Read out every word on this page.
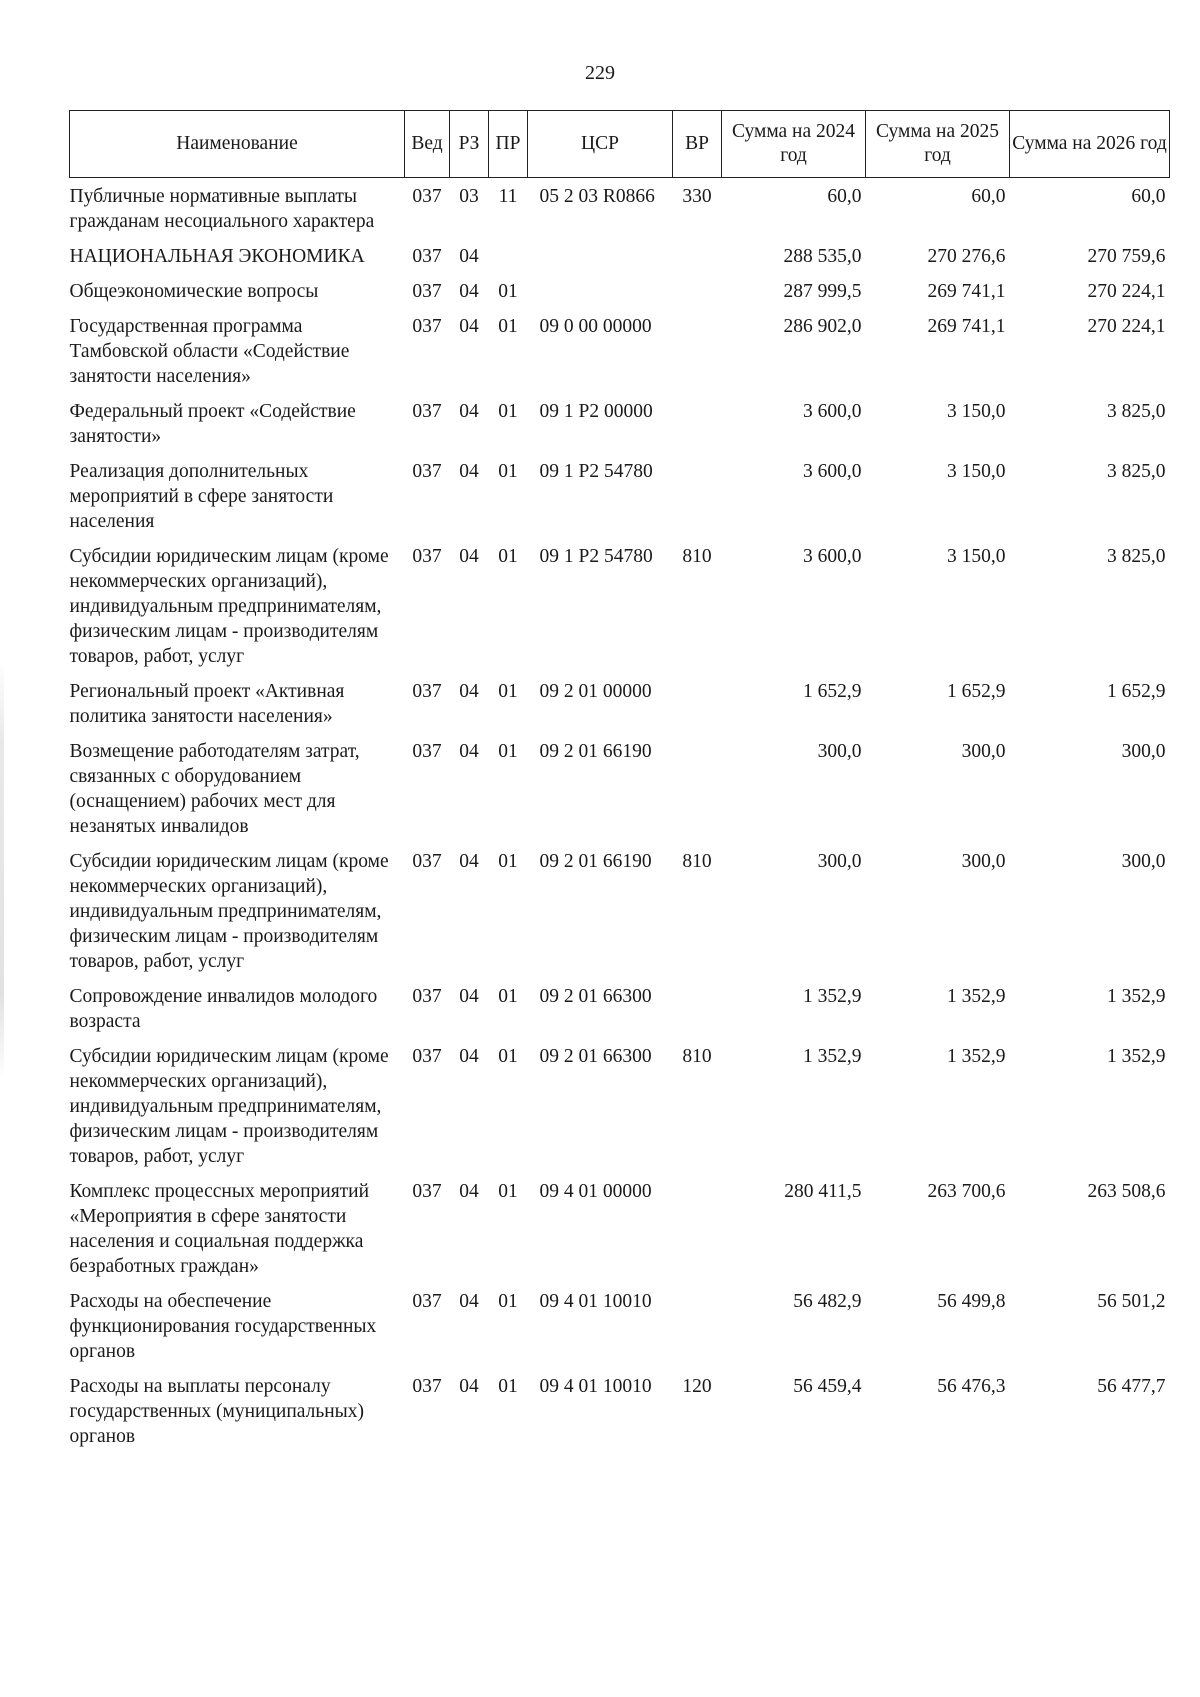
229
Наименование	Вед	РЗ	ПР	ЦСР	ВР	Сумма на 2024 год	Сумма на 2025 год	Сумма на 2026 год
Публичные нормативные выплаты гражданам несоциального характера	037	03	11	05 2 03 R0866	330	60,0	60,0	60,0
НАЦИОНАЛЬНАЯ ЭКОНОМИКА	037	04				288 535,0	270 276,6	270 759,6
Общеэкономические вопросы	037	04	01			287 999,5	269 741,1	270 224,1
Государственная программа Тамбовской области «Содействие занятости населения»	037	04	01	09 0 00 00000		286 902,0	269 741,1	270 224,1
Федеральный проект «Содействие занятости»	037	04	01	09 1 Р2 00000		3 600,0	3 150,0	3 825,0
Реализация дополнительных мероприятий в сфере занятости населения	037	04	01	09 1 Р2 54780		3 600,0	3 150,0	3 825,0
Субсидии юридическим лицам (кроме некоммерческих организаций), индивидуальным предпринимателям, физическим лицам - производителям товаров, работ, услуг	037	04	01	09 1 Р2 54780	810	3 600,0	3 150,0	3 825,0
Региональный проект «Активная политика занятости населения»	037	04	01	09 2 01 00000		1 652,9	1 652,9	1 652,9
Возмещение работодателям затрат, связанных с оборудованием (оснащением) рабочих мест для незанятых инвалидов	037	04	01	09 2 01 66190		300,0	300,0	300,0
Субсидии юридическим лицам (кроме некоммерческих организаций), индивидуальным предпринимателям, физическим лицам - производителям товаров, работ, услуг	037	04	01	09 2 01 66190	810	300,0	300,0	300,0
Сопровождение инвалидов молодого возраста	037	04	01	09 2 01 66300		1 352,9	1 352,9	1 352,9
Субсидии юридическим лицам (кроме некоммерческих организаций), индивидуальным предпринимателям, физическим лицам - производителям товаров, работ, услуг	037	04	01	09 2 01 66300	810	1 352,9	1 352,9	1 352,9
Комплекс процессных мероприятий «Мероприятия в сфере занятости населения и социальная поддержка безработных граждан»	037	04	01	09 4 01 00000		280 411,5	263 700,6	263 508,6
Расходы на обеспечение функционирования государственных органов	037	04	01	09 4 01 10010		56 482,9	56 499,8	56 501,2
Расходы на выплаты персоналу государственных (муниципальных) органов	037	04	01	09 4 01 10010	120	56 459,4	56 476,3	56 477,7
